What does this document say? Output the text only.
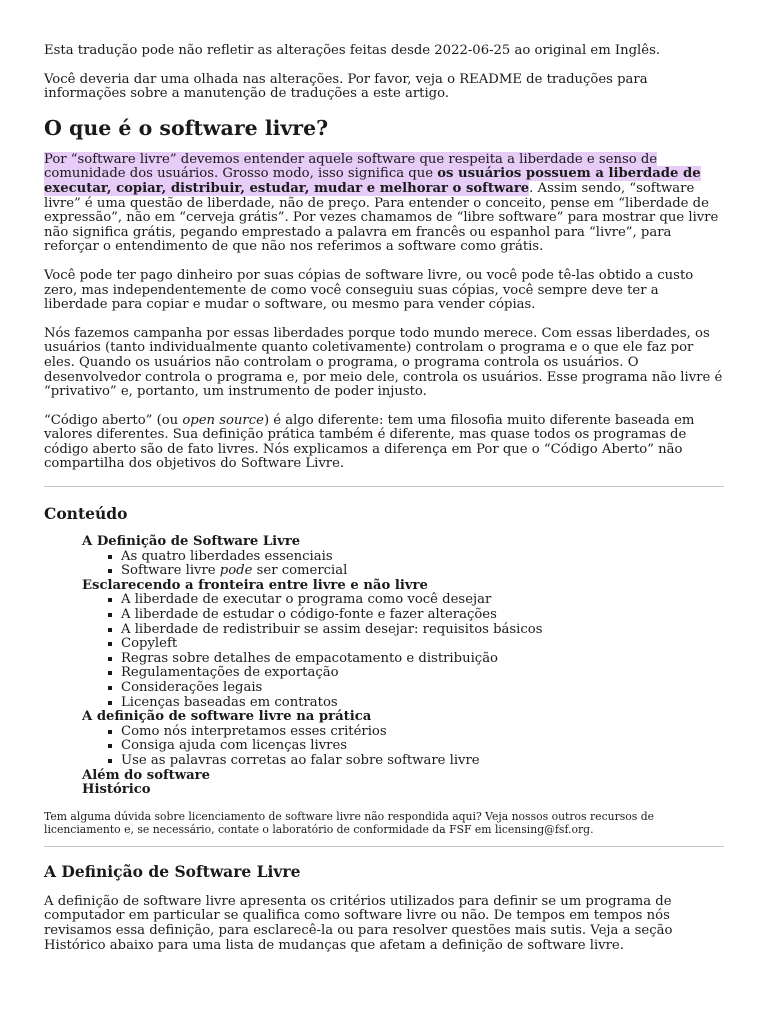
Esta tradução pode não refletir as alterações feitas desde 2022-06-25 ao original em Inglês.

Você deveria dar uma olhada nas alterações. Por favor, veja o README de traduções para informações sobre a manutenção de traduções a este artigo.

O que é o software livre?

Por “software livre” devemos entender aquele software que respeita a liberdade e senso de comunidade dos usuários. Grosso modo, isso significa que os usuários possuem a liberdade de executar, copiar, distribuir, estudar, mudar e melhorar o software. Assim sendo, “software livre” é uma questão de liberdade, não de preço. Para entender o conceito, pense em “liberdade de expressão”, não em “cerveja grátis”. Por vezes chamamos de “libre software” para mostrar que livre não significa grátis, pegando emprestado a palavra em francês ou espanhol para “livre”, para reforçar o entendimento de que não nos referimos a software como grátis.

Você pode ter pago dinheiro por suas cópias de software livre, ou você pode tê-las obtido a custo zero, mas independentemente de como você conseguiu suas cópias, você sempre deve ter a liberdade para copiar e mudar o software, ou mesmo para vender cópias.

Nós fazemos campanha por essas liberdades porque todo mundo merece. Com essas liberdades, os usuários (tanto individualmente quanto coletivamente) controlam o programa e o que ele faz por eles. Quando os usuários não controlam o programa, o programa controla os usuários. O desenvolvedor controla o programa e, por meio dele, controla os usuários. Esse programa não livre é “privativo” e, portanto, um instrumento de poder injusto.

“Código aberto” (ou open source) é algo diferente: tem uma filosofia muito diferente baseada em valores diferentes. Sua definição prática também é diferente, mas quase todos os programas de código aberto são de fato livres. Nós explicamos a diferença em Por que o “Código Aberto” não compartilha dos objetivos do Software Livre.

Conteúdo
A Definição de Software Livre
As quatro liberdades essenciais
Software livre pode ser comercial
Esclarecendo a fronteira entre livre e não livre
A liberdade de executar o programa como você desejar
A liberdade de estudar o código-fonte e fazer alterações
A liberdade de redistribuir se assim desejar: requisitos básicos
Copyleft
Regras sobre detalhes de empacotamento e distribuição
Regulamentações de exportação
Considerações legais
Licenças baseadas em contratos
A definição de software livre na prática
Como nós interpretamos esses critérios
Consiga ajuda com licenças livres
Use as palavras corretas ao falar sobre software livre
Além do software
Histórico

Tem alguma dúvida sobre licenciamento de software livre não respondida aqui? Veja nossos outros recursos de licenciamento e, se necessário, contate o laboratório de conformidade da FSF em licensing@fsf.org.

A Definição de Software Livre

A definição de software livre apresenta os critérios utilizados para definir se um programa de computador em particular se qualifica como software livre ou não. De tempos em tempos nós revisamos essa definição, para esclarecê-la ou para resolver questões mais sutis. Veja a seção Histórico abaixo para uma lista de mudanças que afetam a definição de software livre.
